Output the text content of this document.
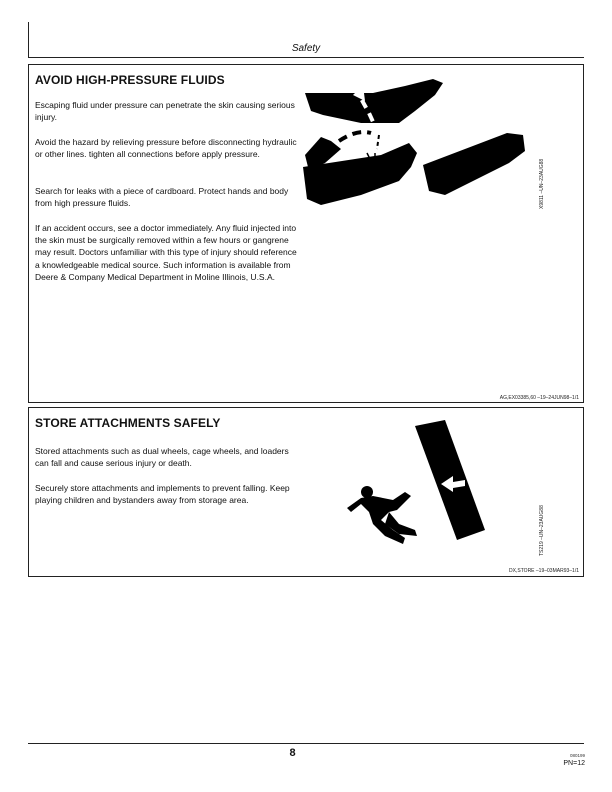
Safety
AVOID HIGH-PRESSURE FLUIDS

Escaping fluid under pressure can penetrate the skin causing serious injury.

Avoid the hazard by relieving pressure before disconnecting hydraulic or other lines. tighten all connections before apply pressure.

Search for leaks with a piece of cardboard. Protect hands and body from high pressure fluids.

If an accident occurs, see a doctor immediately. Any fluid injected into the skin must be surgically removed within a few hours or gangrene may result. Doctors unfamiliar with this type of injury should reference a knowledgeable medical source. Such information is available from Deere & Company Medical Department in Moline Illinois, U.S.A.

X9811 –UN–23AUG88
AG,EX03385,60 –19–24JUN98–1/1
STORE ATTACHMENTS SAFELY

Stored attachments such as dual wheels, cage wheels, and loaders can fall and cause serious injury or death.

Securely store attachments and implements to prevent falling. Keep playing children and bystanders away from storage area.

TS219 –UN–23AUG88
DX,STORE –19–03MAR93–1/1
8	080199
PN=12
